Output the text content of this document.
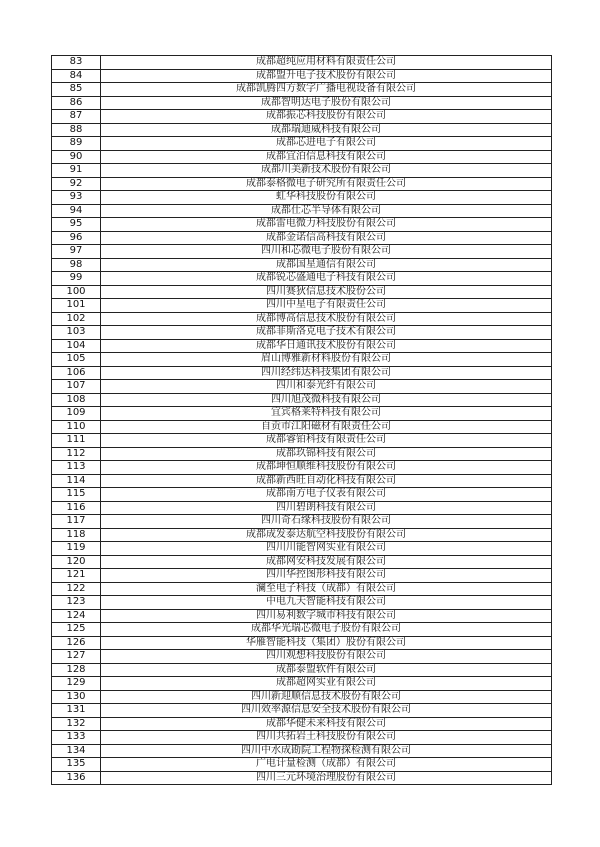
83	成都超纯应用材料有限责任公司
84	成都盟升电子技术股份有限公司
85	成都凯腾四方数字广播电视设备有限公司
86	成都智明达电子股份有限公司
87	成都振芯科技股份有限公司
88	成都瑞迪威科技有限公司
89	成都芯进电子有限公司
90	成都宜泊信息科技有限公司
91	成都川美新技术股份有限公司
92	成都泰格微电子研究所有限责任公司
93	虹华科技股份有限公司
94	成都仕芯半导体有限公司
95	成都雷电微力科技股份有限公司
96	成都金诺信高科技有限公司
97	四川和芯微电子股份有限公司
98	成都国星通信有限公司
99	成都锐芯盛通电子科技有限公司
100	四川赛狄信息技术股份公司
101	四川中星电子有限责任公司
102	成都博高信息技术股份有限公司
103	成都菲斯洛克电子技术有限公司
104	成都华日通讯技术股份有限公司
105	眉山博雅新材料股份有限公司
106	四川经纬达科技集团有限公司
107	四川和泰光纤有限公司
108	四川旭茂微科技有限公司
109	宜宾格莱特科技有限公司
110	自贡市江阳磁材有限责任公司
111	成都睿铂科技有限责任公司
112	成都玖锦科技有限公司
113	成都坤恒顺维科技股份有限公司
114	成都新西旺自动化科技有限公司
115	成都南方电子仪表有限公司
116	四川碧朗科技有限公司
117	四川奇石缘科技股份有限公司
118	成都成发泰达航空科技股份有限公司
119	四川川能智网实业有限公司
120	成都网安科技发展有限公司
121	四川华控图形科技有限公司
122	澜至电子科技（成都）有限公司
123	中电九天智能科技有限公司
124	四川易利数字城市科技有限公司
125	成都华光瑞芯微电子股份有限公司
126	华雁智能科技（集团）股份有限公司
127	四川观想科技股份有限公司
128	成都泰盟软件有限公司
129	成都超网实业有限公司
130	四川新迎顺信息技术股份有限公司
131	四川效率源信息安全技术股份有限公司
132	成都华健未来科技有限公司
133	四川共拓岩土科技股份有限公司
134	四川中水成勘院工程物探检测有限公司
135	广电计量检测（成都）有限公司
136	四川三元环境治理股份有限公司
